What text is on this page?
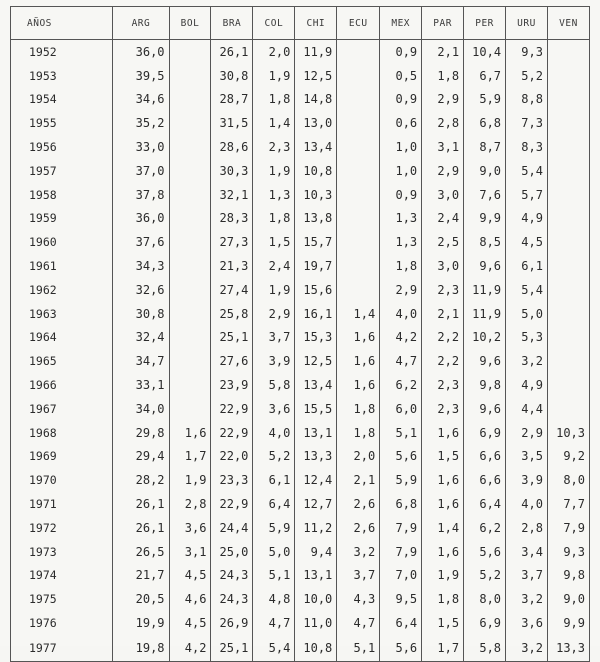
AÑOS	ARG	BOL	BRA	COL	CHI	ECU	MEX	PAR	PER	URU	VEN
1952	36,0		26,1	2,0	11,9		0,9	2,1	10,4	9,3	
1953	39,5		30,8	1,9	12,5		0,5	1,8	6,7	5,2	
1954	34,6		28,7	1,8	14,8		0,9	2,9	5,9	8,8	
1955	35,2		31,5	1,4	13,0		0,6	2,8	6,8	7,3	
1956	33,0		28,6	2,3	13,4		1,0	3,1	8,7	8,3	
1957	37,0		30,3	1,9	10,8		1,0	2,9	9,0	5,4	
1958	37,8		32,1	1,3	10,3		0,9	3,0	7,6	5,7	
1959	36,0		28,3	1,8	13,8		1,3	2,4	9,9	4,9	
1960	37,6		27,3	1,5	15,7		1,3	2,5	8,5	4,5	
1961	34,3		21,3	2,4	19,7		1,8	3,0	9,6	6,1	
1962	32,6		27,4	1,9	15,6		2,9	2,3	11,9	5,4	
1963	30,8		25,8	2,9	16,1	1,4	4,0	2,1	11,9	5,0	
1964	32,4		25,1	3,7	15,3	1,6	4,2	2,2	10,2	5,3	
1965	34,7		27,6	3,9	12,5	1,6	4,7	2,2	9,6	3,2	
1966	33,1		23,9	5,8	13,4	1,6	6,2	2,3	9,8	4,9	
1967	34,0		22,9	3,6	15,5	1,8	6,0	2,3	9,6	4,4	
1968	29,8	1,6	22,9	4,0	13,1	1,8	5,1	1,6	6,9	2,9	10,3
1969	29,4	1,7	22,0	5,2	13,3	2,0	5,6	1,5	6,6	3,5	9,2
1970	28,2	1,9	23,3	6,1	12,4	2,1	5,9	1,6	6,6	3,9	8,0
1971	26,1	2,8	22,9	6,4	12,7	2,6	6,8	1,6	6,4	4,0	7,7
1972	26,1	3,6	24,4	5,9	11,2	2,6	7,9	1,4	6,2	2,8	7,9
1973	26,5	3,1	25,0	5,0	9,4	3,2	7,9	1,6	5,6	3,4	9,3
1974	21,7	4,5	24,3	5,1	13,1	3,7	7,0	1,9	5,2	3,7	9,8
1975	20,5	4,6	24,3	4,8	10,0	4,3	9,5	1,8	8,0	3,2	9,0
1976	19,9	4,5	26,9	4,7	11,0	4,7	6,4	1,5	6,9	3,6	9,9
1977	19,8	4,2	25,1	5,4	10,8	5,1	5,6	1,7	5,8	3,2	13,3
